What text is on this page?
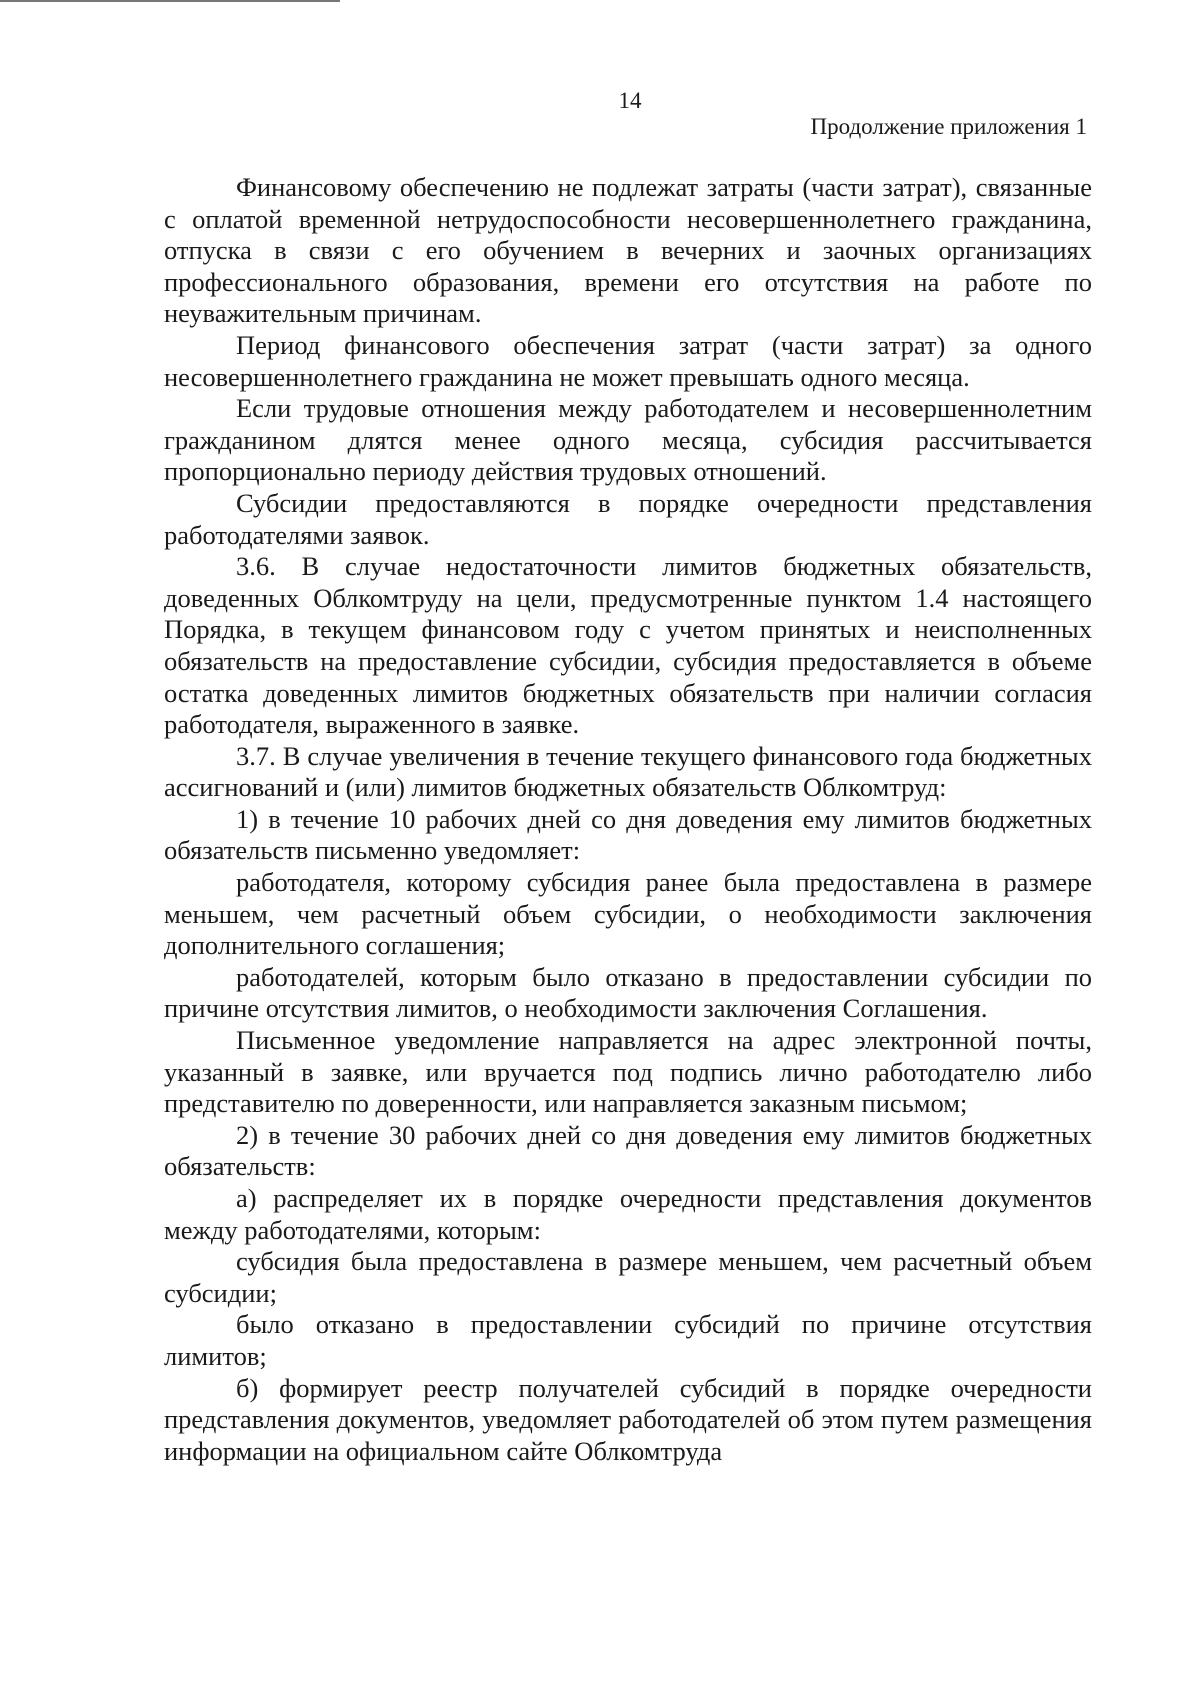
14
Продолжение приложения 1

Финансовому обеспечению не подлежат затраты (части затрат), связанные с оплатой временной нетрудоспособности несовершеннолетнего гражданина, отпуска в связи с его обучением в вечерних и заочных организациях профессионального образования, времени его отсутствия на работе по неуважительным причинам.

Период финансового обеспечения затрат (части затрат) за одного несовершеннолетнего гражданина не может превышать одного месяца.

Если трудовые отношения между работодателем и несовершеннолетним гражданином длятся менее одного месяца, субсидия рассчитывается пропорционально периоду действия трудовых отношений.

Субсидии предоставляются в порядке очередности представления работодателями заявок.

3.6. В случае недостаточности лимитов бюджетных обязательств, доведенных Облкомтруду на цели, предусмотренные пунктом 1.4 настоящего Порядка, в текущем финансовом году с учетом принятых и неисполненных обязательств на предоставление субсидии, субсидия предоставляется в объеме остатка доведенных лимитов бюджетных обязательств при наличии согласия работодателя, выраженного в заявке.

3.7. В случае увеличения в течение текущего финансового года бюджетных ассигнований и (или) лимитов бюджетных обязательств Облкомтруд:

1) в течение 10 рабочих дней со дня доведения ему лимитов бюджетных обязательств письменно уведомляет:

работодателя, которому субсидия ранее была предоставлена в размере меньшем, чем расчетный объем субсидии, о необходимости заключения дополнительного соглашения;

работодателей, которым было отказано в предоставлении субсидии по причине отсутствия лимитов, о необходимости заключения Соглашения.

Письменное уведомление направляется на адрес электронной почты, указанный в заявке, или вручается под подпись лично работодателю либо представителю по доверенности, или направляется заказным письмом;

2) в течение 30 рабочих дней со дня доведения ему лимитов бюджетных обязательств:

а) распределяет их в порядке очередности представления документов между работодателями, которым:

субсидия была предоставлена в размере меньшем, чем расчетный объем субсидии;

было отказано в предоставлении субсидий по причине отсутствия лимитов;

б) формирует реестр получателей субсидий в порядке очередности представления документов, уведомляет работодателей об этом путем размещения информации на официальном сайте Облкомтруда
